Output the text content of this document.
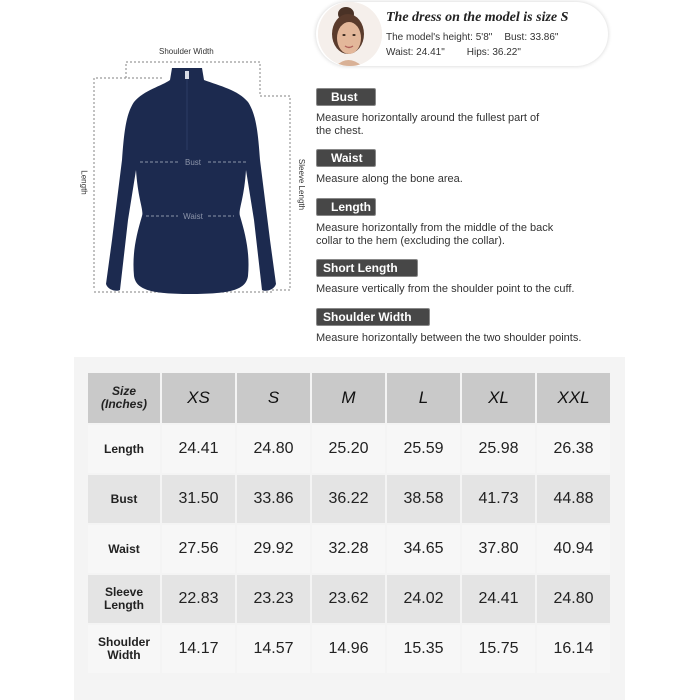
Bust
Waist
Shoulder Width
Length	Sleeve Length
The dress on the model is size S
The model's height: 5'8" Bust: 33.86"
Waist: 24.41" Hips: 36.22"
Bust
Measure horizontally around the fullest part of
the chest.
Waist
Measure along the bone area.
Length
Measure horizontally from the middle of the back
collar to the hem (excluding the collar).
Short Length
Measure vertically from the shoulder point to the cuff.
Shoulder Width
Measure horizontally between the two shoulder points.
Size
(Inches)	XS	S	M	L	XL	XXL

Length	24.41	24.80	25.20	25.59	25.98	26.38

Bust	31.50	33.86	36.22	38.58	41.73	44.88

Waist	27.56	29.92	32.28	34.65	37.80	40.94

Sleeve
Length	22.83	23.23	23.62	24.02	24.41	24.80

Shoulder
Width	14.17	14.57	14.96	15.35	15.75	16.14
